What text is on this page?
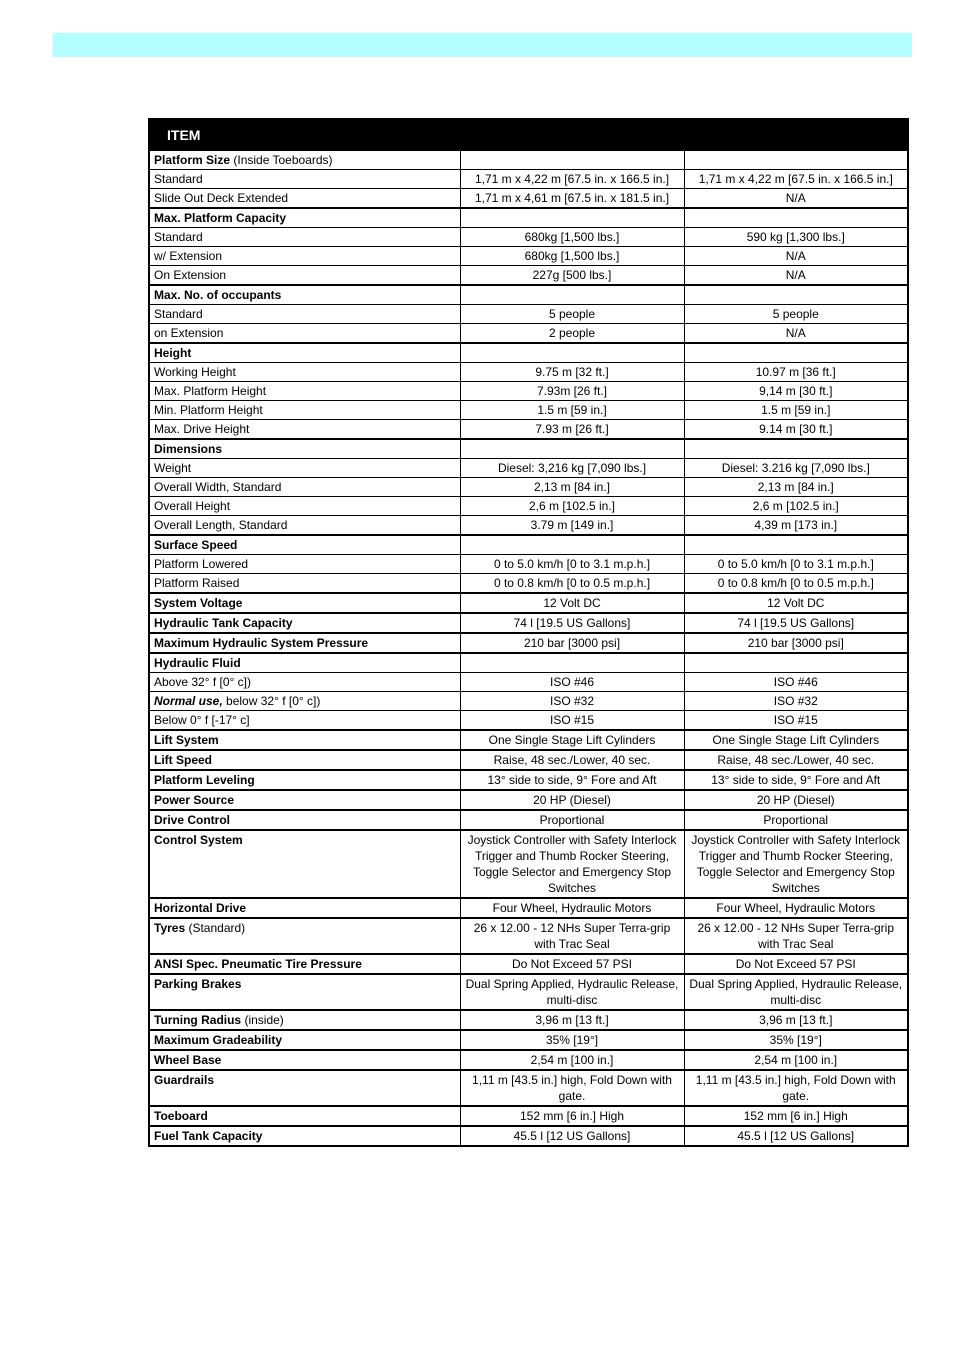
ITEM		
Platform Size (Inside Toeboards)		
Standard	1,71 m x 4,22 m [67.5 in. x 166.5 in.]	1,71 m x 4,22 m [67.5 in. x 166.5 in.]
Slide Out Deck Extended	1,71 m x 4,61 m [67.5 in. x 181.5 in.]	N/A
Max. Platform Capacity		
Standard	680kg [1,500 lbs.]	590 kg [1,300 lbs.]
w/ Extension	680kg [1,500 lbs.]	N/A
On Extension	227g [500 lbs.]	N/A
Max. No. of occupants		
Standard	5 people	5 people
on Extension	2 people	N/A
Height		
Working Height	9.75 m [32 ft.]	10.97 m [36 ft.]
Max. Platform Height	7.93m [26 ft.]	9,14 m [30 ft.]
Min. Platform Height	1.5 m [59 in.]	1.5 m [59 in.]
Max. Drive Height	7.93 m [26 ft.]	9.14 m [30 ft.]
Dimensions		
Weight	Diesel: 3,216 kg [7,090 lbs.]	Diesel: 3.216 kg [7,090 lbs.]
Overall Width, Standard	2,13 m [84 in.]	2,13 m [84 in.]
Overall Height	2,6 m [102.5 in.]	2,6 m [102.5 in.]
Overall Length, Standard	3.79 m [149 in.]	4,39 m [173 in.]
Surface Speed		
Platform Lowered	0 to 5.0 km/h [0 to 3.1 m.p.h.]	0 to 5.0 km/h [0 to 3.1 m.p.h.]
Platform Raised	0 to 0.8 km/h [0 to 0.5 m.p.h.]	0 to 0.8 km/h [0 to 0.5 m.p.h.]
System Voltage	12 Volt DC	12 Volt DC
Hydraulic Tank Capacity	74 l [19.5 US Gallons]	74 l [19.5 US Gallons]
Maximum Hydraulic System Pressure	210 bar [3000 psi]	210 bar [3000 psi]
Hydraulic Fluid		
Above 32° f [0° c])	ISO #46	ISO #46
Normal use, below 32° f [0° c])	ISO #32	ISO #32
Below 0° f [-17° c]	ISO #15	ISO #15
Lift System	One Single Stage Lift Cylinders	One Single Stage Lift Cylinders
Lift Speed	Raise, 48 sec./Lower, 40 sec.	Raise, 48 sec./Lower, 40 sec.
Platform Leveling	13° side to side, 9° Fore and Aft	13° side to side, 9° Fore and Aft
Power Source	20 HP (Diesel)	20 HP (Diesel)
Drive Control	Proportional	Proportional
Control System	Joystick Controller with Safety Interlock Trigger and Thumb Rocker Steering, Toggle Selector and Emergency Stop Switches	Joystick Controller with Safety Interlock Trigger and Thumb Rocker Steering, Toggle Selector and Emergency Stop Switches
Horizontal Drive	Four Wheel, Hydraulic Motors	Four Wheel, Hydraulic Motors
Tyres (Standard)	26 x 12.00 - 12 NHs Super Terra-grip with Trac Seal	26 x 12.00 - 12 NHs Super Terra-grip with Trac Seal
ANSI Spec. Pneumatic Tire Pressure	Do Not Exceed 57 PSI	Do Not Exceed 57 PSI
Parking Brakes	Dual Spring Applied, Hydraulic Release, multi-disc	Dual Spring Applied, Hydraulic Release, multi-disc
Turning Radius (inside)	3,96 m [13 ft.]	3,96 m [13 ft.]
Maximum Gradeability	35% [19°]	35% [19°]
Wheel Base	2,54 m [100 in.]	2,54 m [100 in.]
Guardrails	1,11 m [43.5 in.] high, Fold Down with gate.	1,11 m [43.5 in.] high, Fold Down with gate.
Toeboard	152 mm [6 in.] High	152 mm [6 in.] High
Fuel Tank Capacity	45.5 l [12 US Gallons]	45.5 l [12 US Gallons]
